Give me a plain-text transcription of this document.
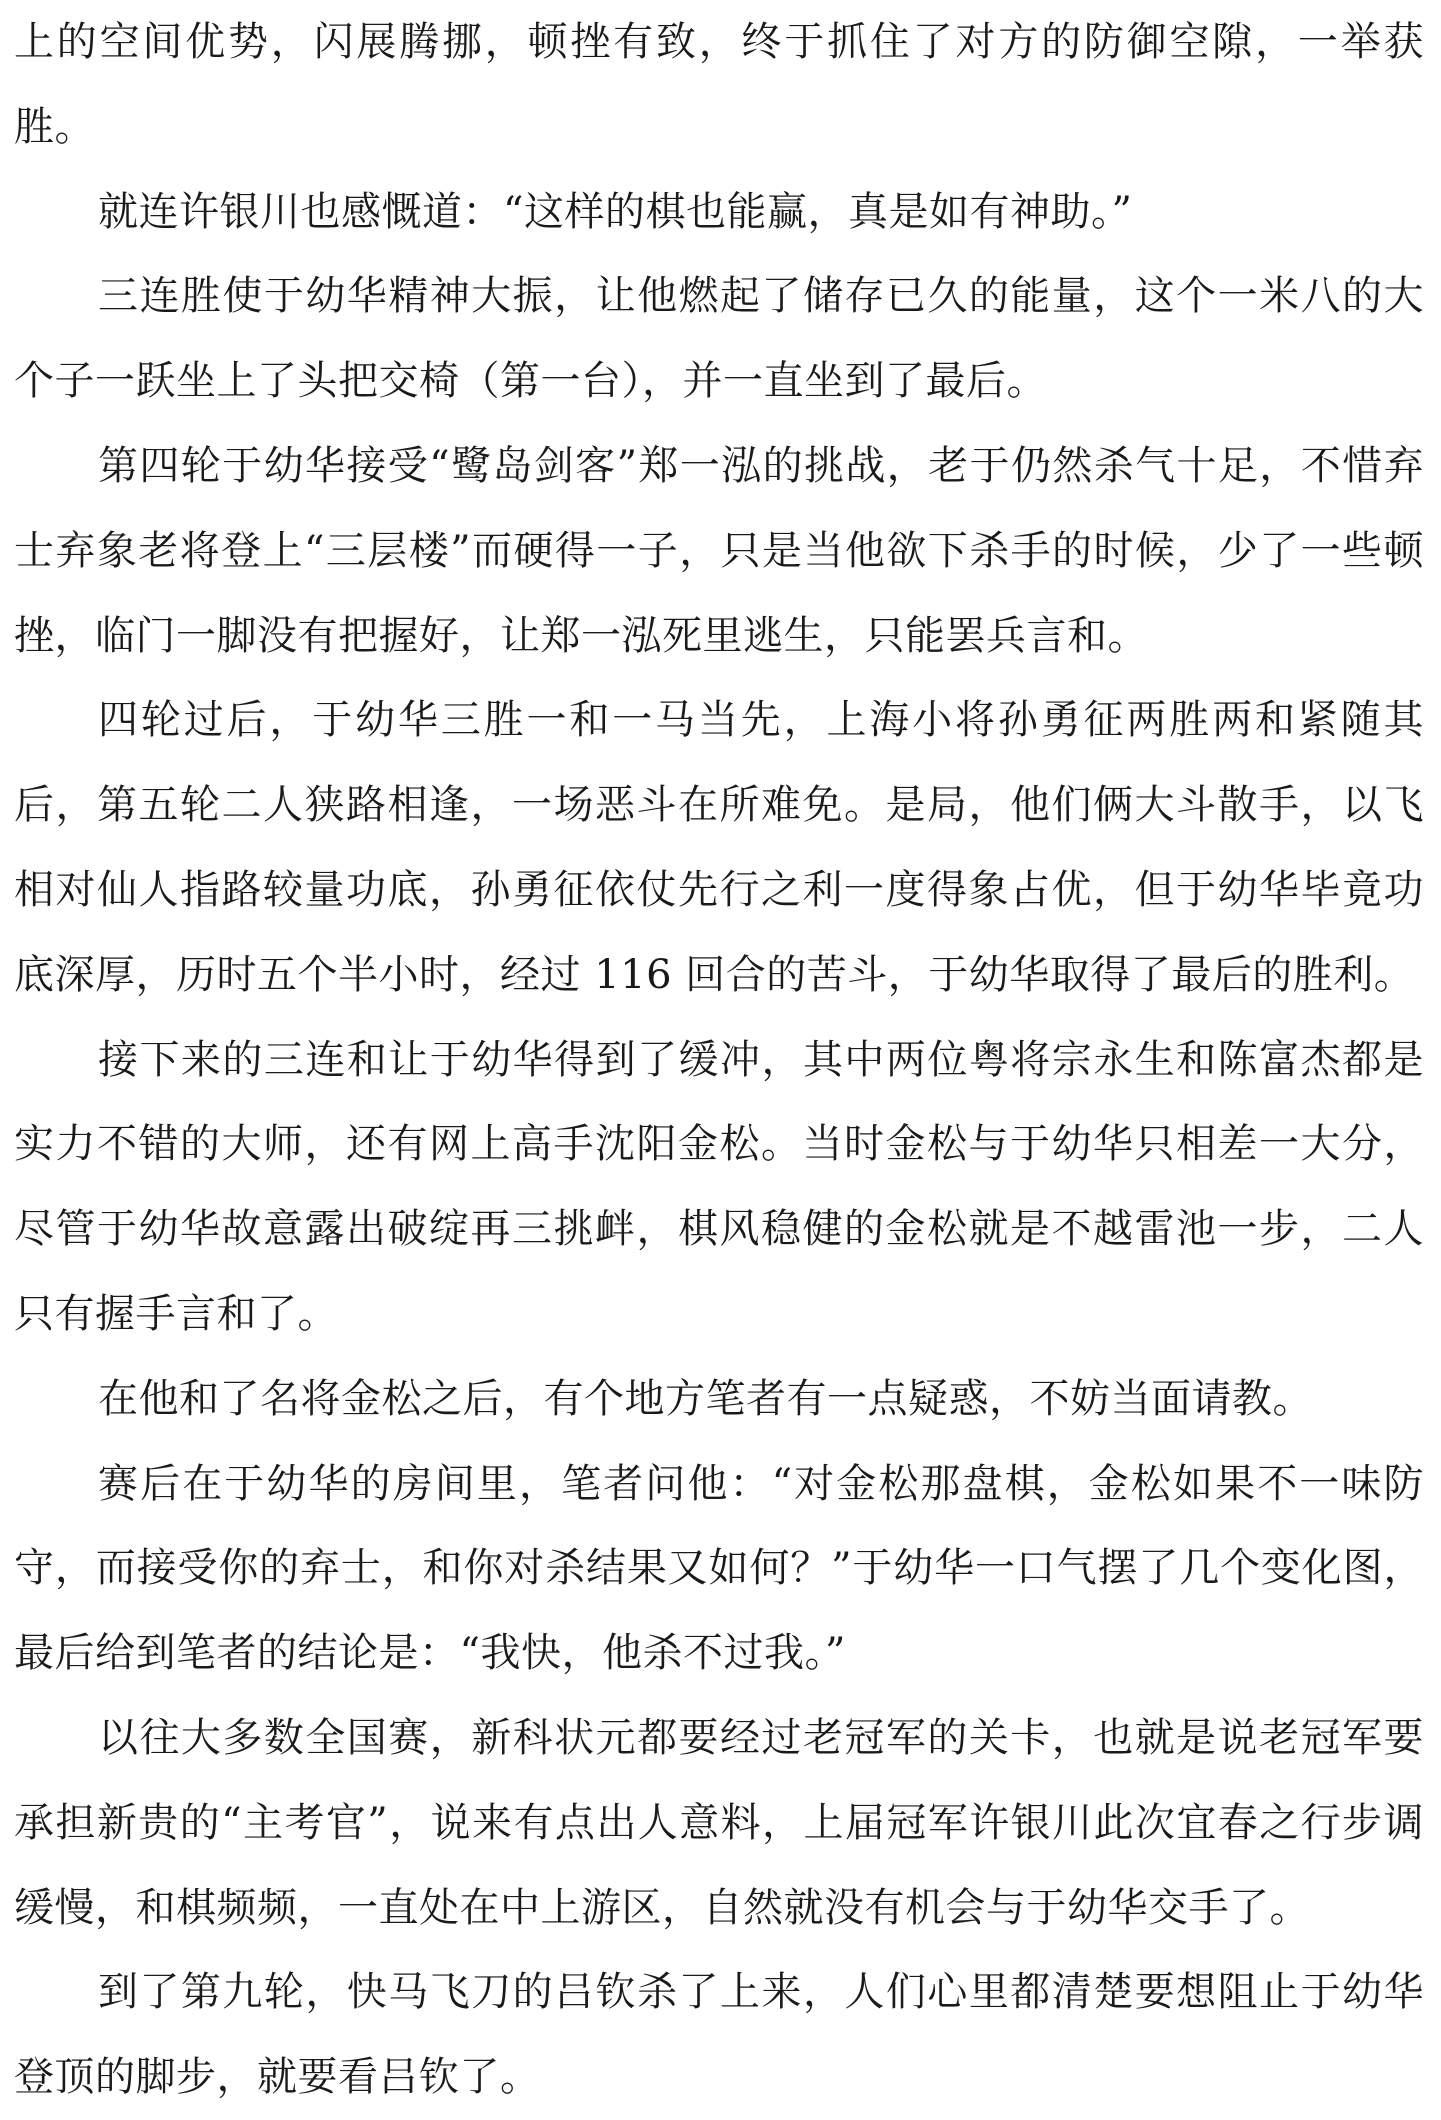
上的空间优势，闪展腾挪，顿挫有致，终于抓住了对方的防御空隙，一举获胜。

就连许银川也感慨道：“这样的棋也能赢，真是如有神助。”

三连胜使于幼华精神大振，让他燃起了储存已久的能量，这个一米八的大个子一跃坐上了头把交椅（第一台），并一直坐到了最后。

第四轮于幼华接受“鹭岛剑客”郑一泓的挑战，老于仍然杀气十足，不惜弃士弃象老将登上“三层楼”而硬得一子，只是当他欲下杀手的时候，少了一些顿挫，临门一脚没有把握好，让郑一泓死里逃生，只能罢兵言和。

四轮过后，于幼华三胜一和一马当先，上海小将孙勇征两胜两和紧随其后，第五轮二人狭路相逢，一场恶斗在所难免。是局，他们俩大斗散手，以飞相对仙人指路较量功底，孙勇征依仗先行之利一度得象占优，但于幼华毕竟功底深厚，历时五个半小时，经过 116 回合的苦斗，于幼华取得了最后的胜利。

接下来的三连和让于幼华得到了缓冲，其中两位粤将宗永生和陈富杰都是实力不错的大师，还有网上高手沈阳金松。当时金松与于幼华只相差一大分，尽管于幼华故意露出破绽再三挑衅，棋风稳健的金松就是不越雷池一步，二人只有握手言和了。

在他和了名将金松之后，有个地方笔者有一点疑惑，不妨当面请教。

赛后在于幼华的房间里，笔者问他：“对金松那盘棋，金松如果不一味防守，而接受你的弃士，和你对杀结果又如何？”于幼华一口气摆了几个变化图，最后给到笔者的结论是：“我快，他杀不过我。”

以往大多数全国赛，新科状元都要经过老冠军的关卡，也就是说老冠军要承担新贵的“主考官”，说来有点出人意料，上届冠军许银川此次宜春之行步调缓慢，和棋频频，一直处在中上游区，自然就没有机会与于幼华交手了。

到了第九轮，快马飞刀的吕钦杀了上来，人们心里都清楚要想阻止于幼华登顶的脚步，就要看吕钦了。
